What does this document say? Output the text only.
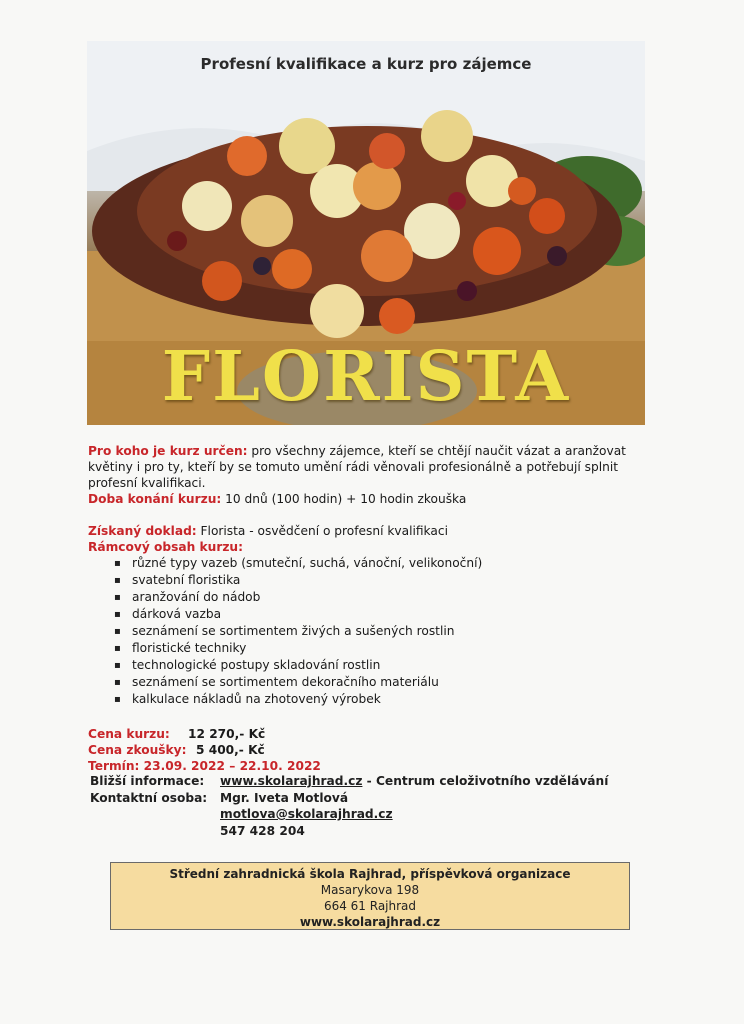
Profesní kvalifikace a kurz pro zájemce
FLORISTA

Pro koho je kurz určen: pro všechny zájemce, kteří se chtějí naučit vázat a aranžovat květiny i pro ty, kteří by se tomuto umění rádi věnovali profesionálně a potřebují splnit profesní kvalifikaci.

Doba konání kurzu: 10 dnů (100 hodin) + 10 hodin zkouška

Získaný doklad: Florista - osvědčení o profesní kvalifikaci

Rámcový obsah kurzu:

▪ různé typy vazeb (smuteční, suchá, vánoční, velikonoční)
▪ svatební floristika
▪ aranžování do nádob
▪ dárková vazba
▪ seznámení se sortimentem živých a sušených rostlin
▪ floristické techniky
▪ technologické postupy skladování rostlin
▪ seznámení se sortimentem dekoračního materiálu
▪ kalkulace nákladů na zhotovený výrobek

Cena kurzu: 12 270,- Kč

Cena zkoušky: 5 400,- Kč

Termín: 23.09. 2022 – 22.10. 2022

Bližší informace:	www.skolarajhrad.cz - Centrum celoživotního vzdělávání
Kontaktní osoba:	Mgr. Iveta Motlová
motlova@skolarajhrad.cz
547 428 204
Střední zahradnická škola Rajhrad, příspěvková organizace
Masarykova 198
664 61 Rajhrad
www.skolarajhrad.cz
